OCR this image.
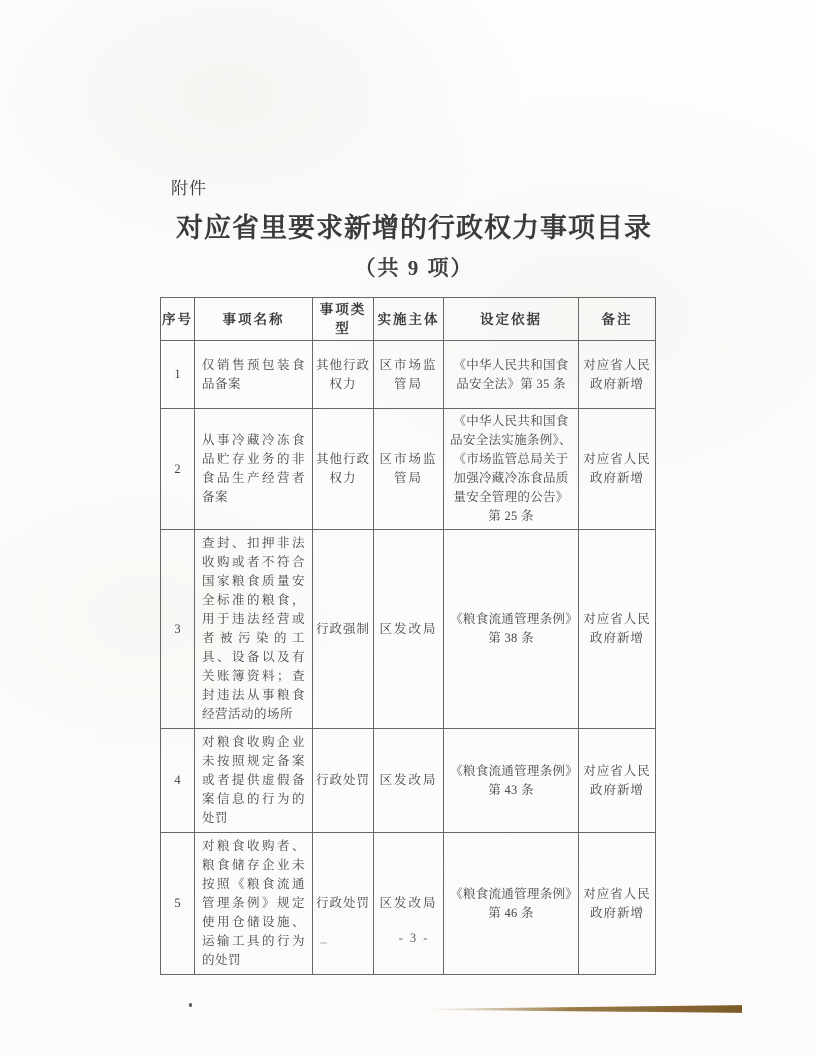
附件
对应省里要求新增的行政权力事项目录
（共 9 项）
序号	事项名称	事项类型	实施主体	设定依据	备注
1	仅销售预包装食品备案	其他行政权力	区市场监管局	《中华人民共和国食品安全法》第 35 条	对应省人民政府新增
2	从事冷藏冷冻食品贮存业务的非食品生产经营者备案	其他行政权力	区市场监管局	《中华人民共和国食品安全法实施条例》、《市场监管总局关于加强冷藏冷冻食品质量安全管理的公告》第 25 条	对应省人民政府新增
3	查封、扣押非法收购或者不符合国家粮食质量安全标准的粮食，用于违法经营或者被污染的工具、设备以及有关账簿资料；查封违法从事粮食经营活动的场所	行政强制	区发改局	《粮食流通管理条例》第 38 条	对应省人民政府新增
4	对粮食收购企业未按照规定备案或者提供虚假备案信息的行为的处罚	行政处罚	区发改局	《粮食流通管理条例》第 43 条	对应省人民政府新增
5	对粮食收购者、粮食储存企业未按照《粮食流通管理条例》规定使用仓储设施、运输工具的行为的处罚	行政处罚	区发改局	《粮食流通管理条例》第 46 条	对应省人民政府新增
- 3 -
